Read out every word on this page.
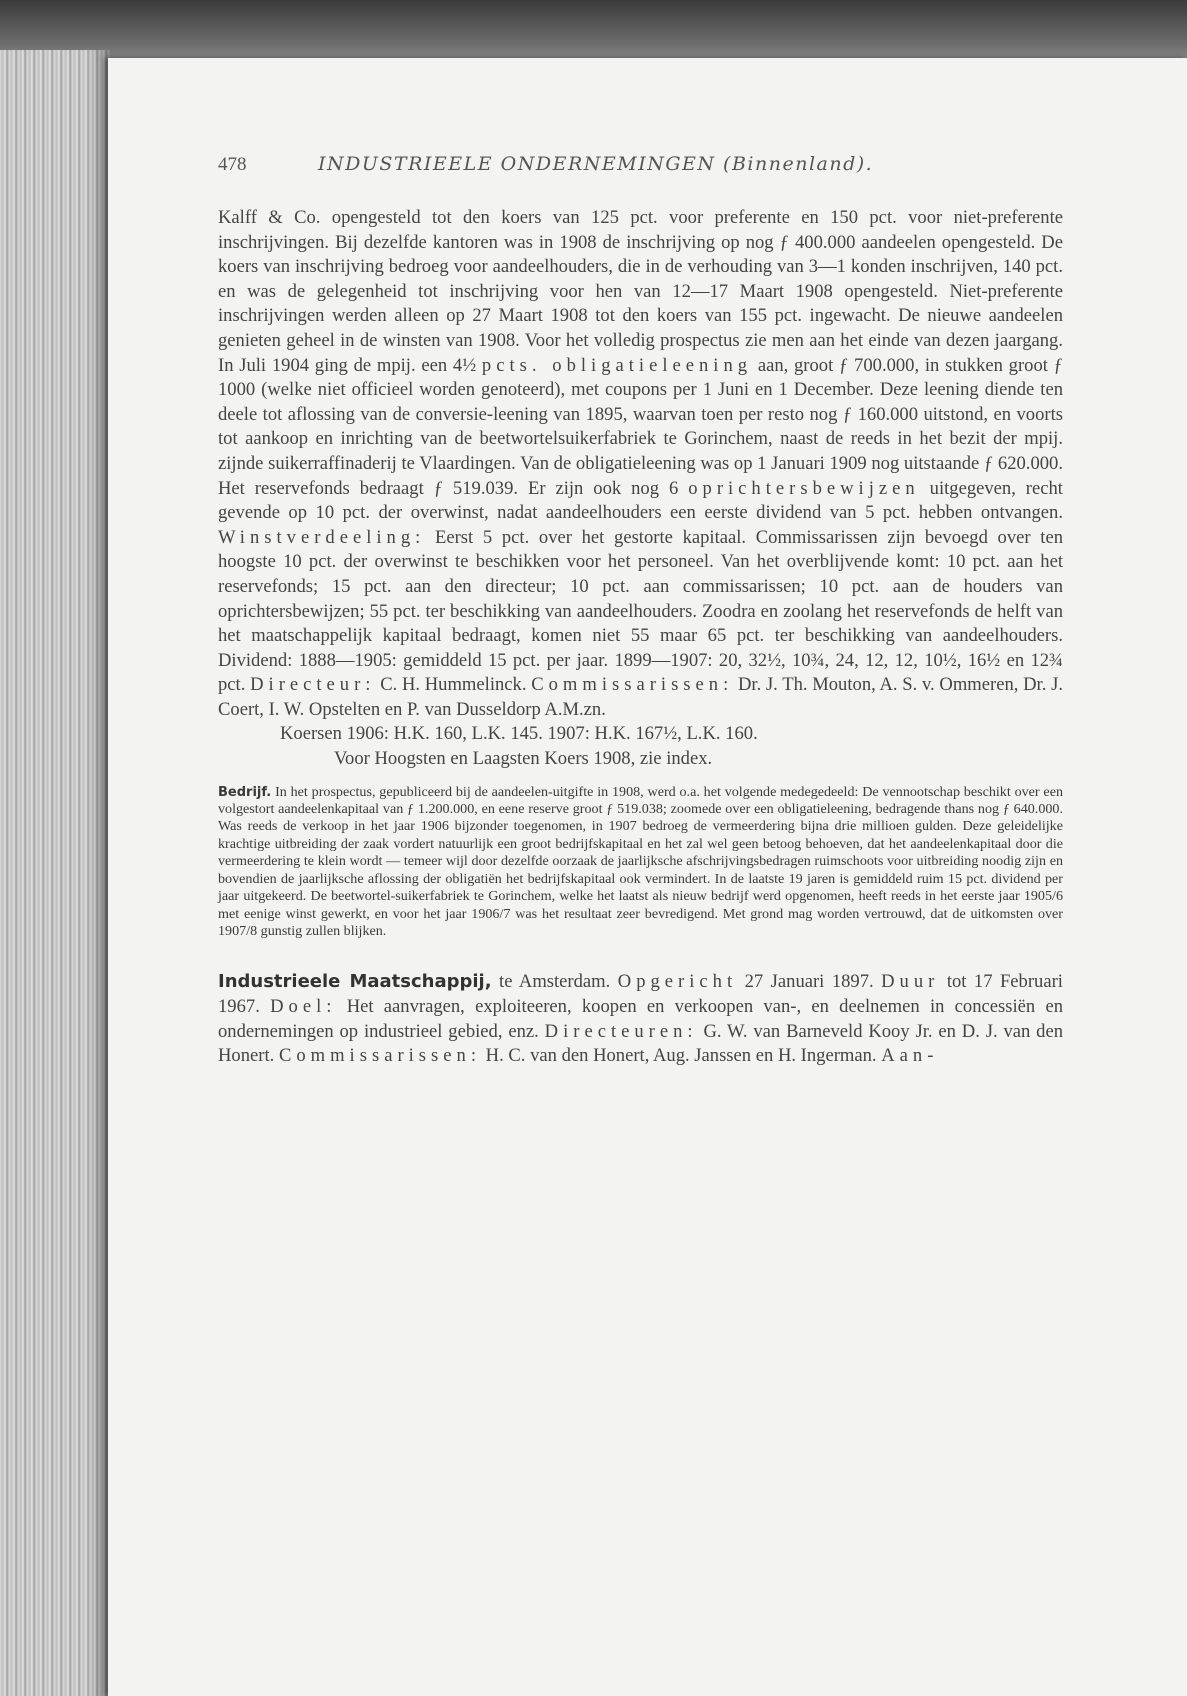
478	INDUSTRIEELE ONDERNEMINGEN (Binnenland).

Kalff & Co. opengesteld tot den koers van 125 pct. voor preferente en 150 pct. voor niet-preferente inschrijvingen. Bij dezelfde kantoren was in 1908 de inschrijving op nog ƒ 400.000 aandeelen opengesteld. De koers van inschrijving bedroeg voor aandeelhouders, die in de verhouding van 3—1 konden inschrijven, 140 pct. en was de gelegenheid tot inschrijving voor hen van 12—17 Maart 1908 opengesteld. Niet-preferente inschrijvingen werden alleen op 27 Maart 1908 tot den koers van 155 pct. ingewacht. De nieuwe aandeelen genieten geheel in de winsten van 1908. Voor het volledig prospectus zie men aan het einde van dezen jaargang. In Juli 1904 ging de mpij. een 4½ pcts. obligatieleening aan, groot ƒ 700.000, in stukken groot ƒ 1000 (welke niet officieel worden genoteerd), met coupons per 1 Juni en 1 December. Deze leening diende ten deele tot aflossing van de conversie-leening van 1895, waarvan toen per resto nog ƒ 160.000 uitstond, en voorts tot aankoop en inrichting van de beetwortelsuikerfabriek te Gorinchem, naast de reeds in het bezit der mpij. zijnde suikerraffinaderij te Vlaardingen. Van de obligatieleening was op 1 Januari 1909 nog uitstaande ƒ 620.000. Het reservefonds bedraagt ƒ 519.039. Er zijn ook nog 6 oprichtersbewijzen uitgegeven, recht gevende op 10 pct. der overwinst, nadat aandeelhouders een eerste dividend van 5 pct. hebben ontvangen. Winstverdeeling: Eerst 5 pct. over het gestorte kapitaal. Commissarissen zijn bevoegd over ten hoogste 10 pct. der overwinst te beschikken voor het personeel. Van het overblijvende komt: 10 pct. aan het reservefonds; 15 pct. aan den directeur; 10 pct. aan commissarissen; 10 pct. aan de houders van oprichtersbewijzen; 55 pct. ter beschikking van aandeelhouders. Zoodra en zoolang het reservefonds de helft van het maatschappelijk kapitaal bedraagt, komen niet 55 maar 65 pct. ter beschikking van aandeelhouders. Dividend: 1888—1905: gemiddeld 15 pct. per jaar. 1899—1907: 20, 32½, 10¾, 24, 12, 12, 10½, 16½ en 12¾ pct. Directeur: C. H. Hummelinck. Commissarissen: Dr. J. Th. Mouton, A. S. v. Ommeren, Dr. J. Coert, I. W. Opstelten en P. van Dusseldorp A.M.zn.

Koersen 1906: H.K. 160, L.K. 145. 1907: H.K. 167½, L.K. 160.

Voor Hoogsten en Laagsten Koers 1908, zie index.

Bedrijf. In het prospectus, gepubliceerd bij de aandeelen-uitgifte in 1908, werd o.a. het volgende medegedeeld: De vennootschap beschikt over een volgestort aandeelenkapitaal van ƒ 1.200.000, en eene reserve groot ƒ 519.038; zoomede over een obligatieleening, bedragende thans nog ƒ 640.000. Was reeds de verkoop in het jaar 1906 bijzonder toegenomen, in 1907 bedroeg de vermeerdering bijna drie millioen gulden. Deze geleidelijke krachtige uitbreiding der zaak vordert natuurlijk een groot bedrijfskapitaal en het zal wel geen betoog behoeven, dat het aandeelenkapitaal door die vermeerdering te klein wordt — temeer wijl door dezelfde oorzaak de jaarlijksche afschrijvingsbedragen ruimschoots voor uitbreiding noodig zijn en bovendien de jaarlijksche aflossing der obligatiën het bedrijfskapitaal ook vermindert. In de laatste 19 jaren is gemiddeld ruim 15 pct. dividend per jaar uitgekeerd. De beetwortel-suikerfabriek te Gorinchem, welke het laatst als nieuw bedrijf werd opgenomen, heeft reeds in het eerste jaar 1905/6 met eenige winst gewerkt, en voor het jaar 1906/7 was het resultaat zeer bevredigend. Met grond mag worden vertrouwd, dat de uitkomsten over 1907/8 gunstig zullen blijken.

Industrieele Maatschappij, te Amsterdam. Opgericht 27 Januari 1897. Duur tot 17 Februari 1967. Doel: Het aanvragen, exploiteeren, koopen en verkoopen van-, en deelnemen in concessiën en ondernemingen op industrieel gebied, enz. Directeuren: G. W. van Barneveld Kooy Jr. en D. J. van den Honert. Commissarissen: H. C. van den Honert, Aug. Janssen en H. Ingerman. Aan-
